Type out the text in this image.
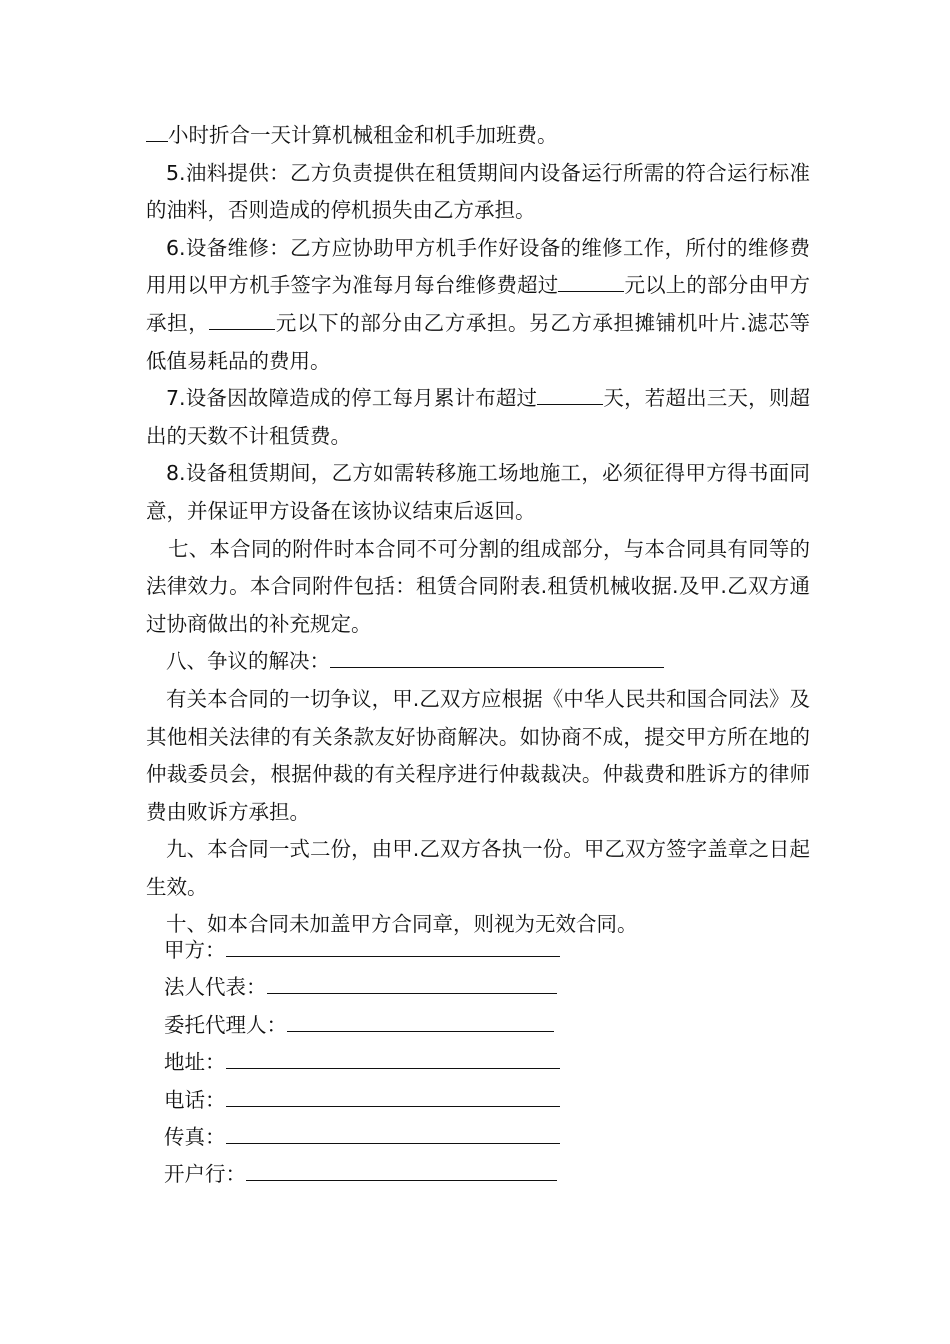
小时折合一天计算机械租金和机手加班费。

5.油料提供：乙方负责提供在租赁期间内设备运行所需的符合运行标准的油料，否则造成的停机损失由乙方承担。

6.设备维修：乙方应协助甲方机手作好设备的维修工作，所付的维修费用用以甲方机手签字为准每月每台维修费超过	元以上的部分由甲方承担，	元以下的部分由乙方承担。另乙方承担摊铺机叶片.滤芯等低值易耗品的费用。

7.设备因故障造成的停工每月累计布超过	天，若超出三天，则超出的天数不计租赁费。

8.设备租赁期间，乙方如需转移施工场地施工，必须征得甲方得书面同意，并保证甲方设备在该协议结束后返回。

七、本合同的附件时本合同不可分割的组成部分，与本合同具有同等的法律效力。本合同附件包括：租赁合同附表.租赁机械收据.及甲.乙双方通过协商做出的补充规定。

八、争议的解决：

有关本合同的一切争议，甲.乙双方应根据《中华人民共和国合同法》及其他相关法律的有关条款友好协商解决。如协商不成，提交甲方所在地的仲裁委员会，根据仲裁的有关程序进行仲裁裁决。仲裁费和胜诉方的律师费由败诉方承担。

九、本合同一式二份，由甲.乙双方各执一份。甲乙双方签字盖章之日起生效。

十、如本合同未加盖甲方合同章，则视为无效合同。

甲方：
法人代表：
委托代理人：
地址：
电话：
传真：
开户行：
